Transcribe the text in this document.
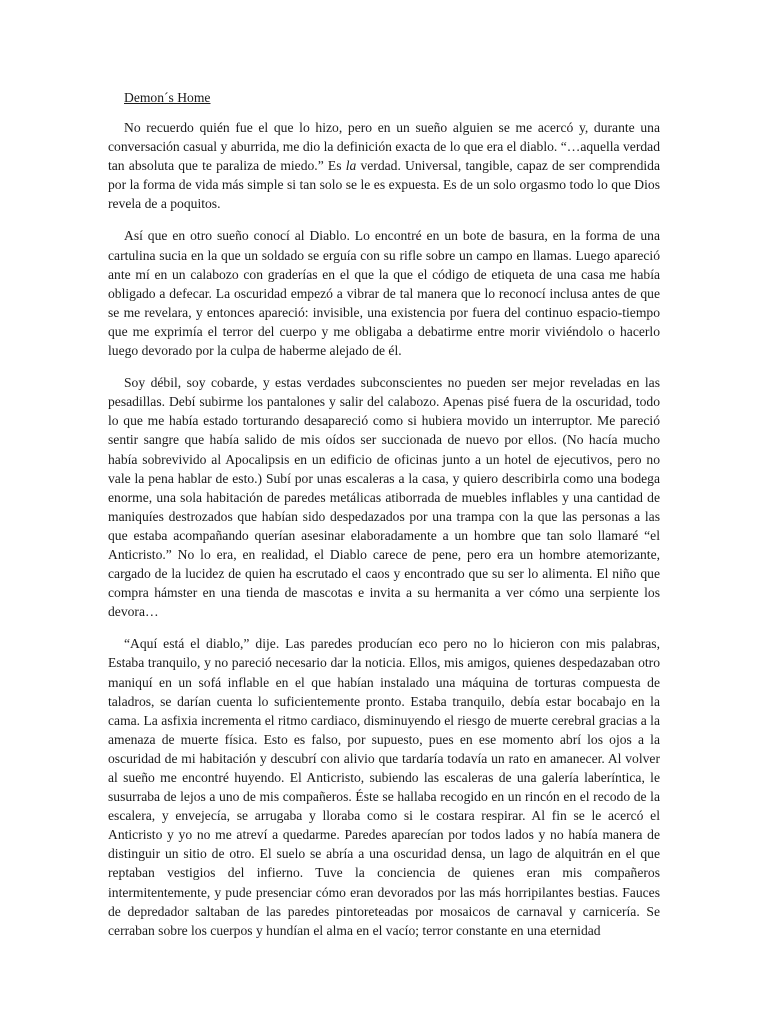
Demon´s Home

No recuerdo quién fue el que lo hizo, pero en un sueño alguien se me acercó y, durante una conversación casual y aburrida, me dio la definición exacta de lo que era el diablo. “…aquella verdad tan absoluta que te paraliza de miedo.” Es la verdad. Universal, tangible, capaz de ser comprendida por la forma de vida más simple si tan solo se le es expuesta. Es de un solo orgasmo todo lo que Dios revela de a poquitos.

Así que en otro sueño conocí al Diablo. Lo encontré en un bote de basura, en la forma de una cartulina sucia en la que un soldado se erguía con su rifle sobre un campo en llamas. Luego apareció ante mí en un calabozo con graderías en el que la que el código de etiqueta de una casa me había obligado a defecar. La oscuridad empezó a vibrar de tal manera que lo reconocí inclusa antes de que se me revelara, y entonces apareció: invisible, una existencia por fuera del continuo espacio-tiempo que me exprimía el terror del cuerpo y me obligaba a debatirme entre morir viviéndolo o hacerlo luego devorado por la culpa de haberme alejado de él.

Soy débil, soy cobarde, y estas verdades subconscientes no pueden ser mejor reveladas en las pesadillas. Debí subirme los pantalones y salir del calabozo. Apenas pisé fuera de la oscuridad, todo lo que me había estado torturando desapareció como si hubiera movido un interruptor. Me pareció sentir sangre que había salido de mis oídos ser succionada de nuevo por ellos. (No hacía mucho había sobrevivido al Apocalipsis en un edificio de oficinas junto a un hotel de ejecutivos, pero no vale la pena hablar de esto.) Subí por unas escaleras a la casa, y quiero describirla como una bodega enorme, una sola habitación de paredes metálicas atiborrada de muebles inflables y una cantidad de maniquíes destrozados que habían sido despedazados por una trampa con la que las personas a las que estaba acompañando querían asesinar elaboradamente a un hombre que tan solo llamaré “el Anticristo.” No lo era, en realidad, el Diablo carece de pene, pero era un hombre atemorizante, cargado de la lucidez de quien ha escrutado el caos y encontrado que su ser lo alimenta. El niño que compra hámster en una tienda de mascotas e invita a su hermanita a ver cómo una serpiente los devora…

“Aquí está el diablo,” dije. Las paredes producían eco pero no lo hicieron con mis palabras, Estaba tranquilo, y no pareció necesario dar la noticia. Ellos, mis amigos, quienes despedazaban otro maniquí en un sofá inflable en el que habían instalado una máquina de torturas compuesta de taladros, se darían cuenta lo suficientemente pronto. Estaba tranquilo, debía estar bocabajo en la cama. La asfixia incrementa el ritmo cardiaco, disminuyendo el riesgo de muerte cerebral gracias a la amenaza de muerte física. Esto es falso, por supuesto, pues en ese momento abrí los ojos a la oscuridad de mi habitación y descubrí con alivio que tardaría todavía un rato en amanecer. Al volver al sueño me encontré huyendo. El Anticristo, subiendo las escaleras de una galería laberíntica, le susurraba de lejos a uno de mis compañeros. Éste se hallaba recogido en un rincón en el recodo de la escalera, y envejecía, se arrugaba y lloraba como si le costara respirar. Al fin se le acercó el Anticristo y yo no me atreví a quedarme. Paredes aparecían por todos lados y no había manera de distinguir un sitio de otro. El suelo se abría a una oscuridad densa, un lago de alquitrán en el que reptaban vestigios del infierno. Tuve la conciencia de quienes eran mis compañeros intermitentemente, y pude presenciar cómo eran devorados por las más horripilantes bestias. Fauces de depredador saltaban de las paredes pintoreteadas por mosaicos de carnaval y carnicería. Se cerraban sobre los cuerpos y hundían el alma en el vacío; terror constante en una eternidad
